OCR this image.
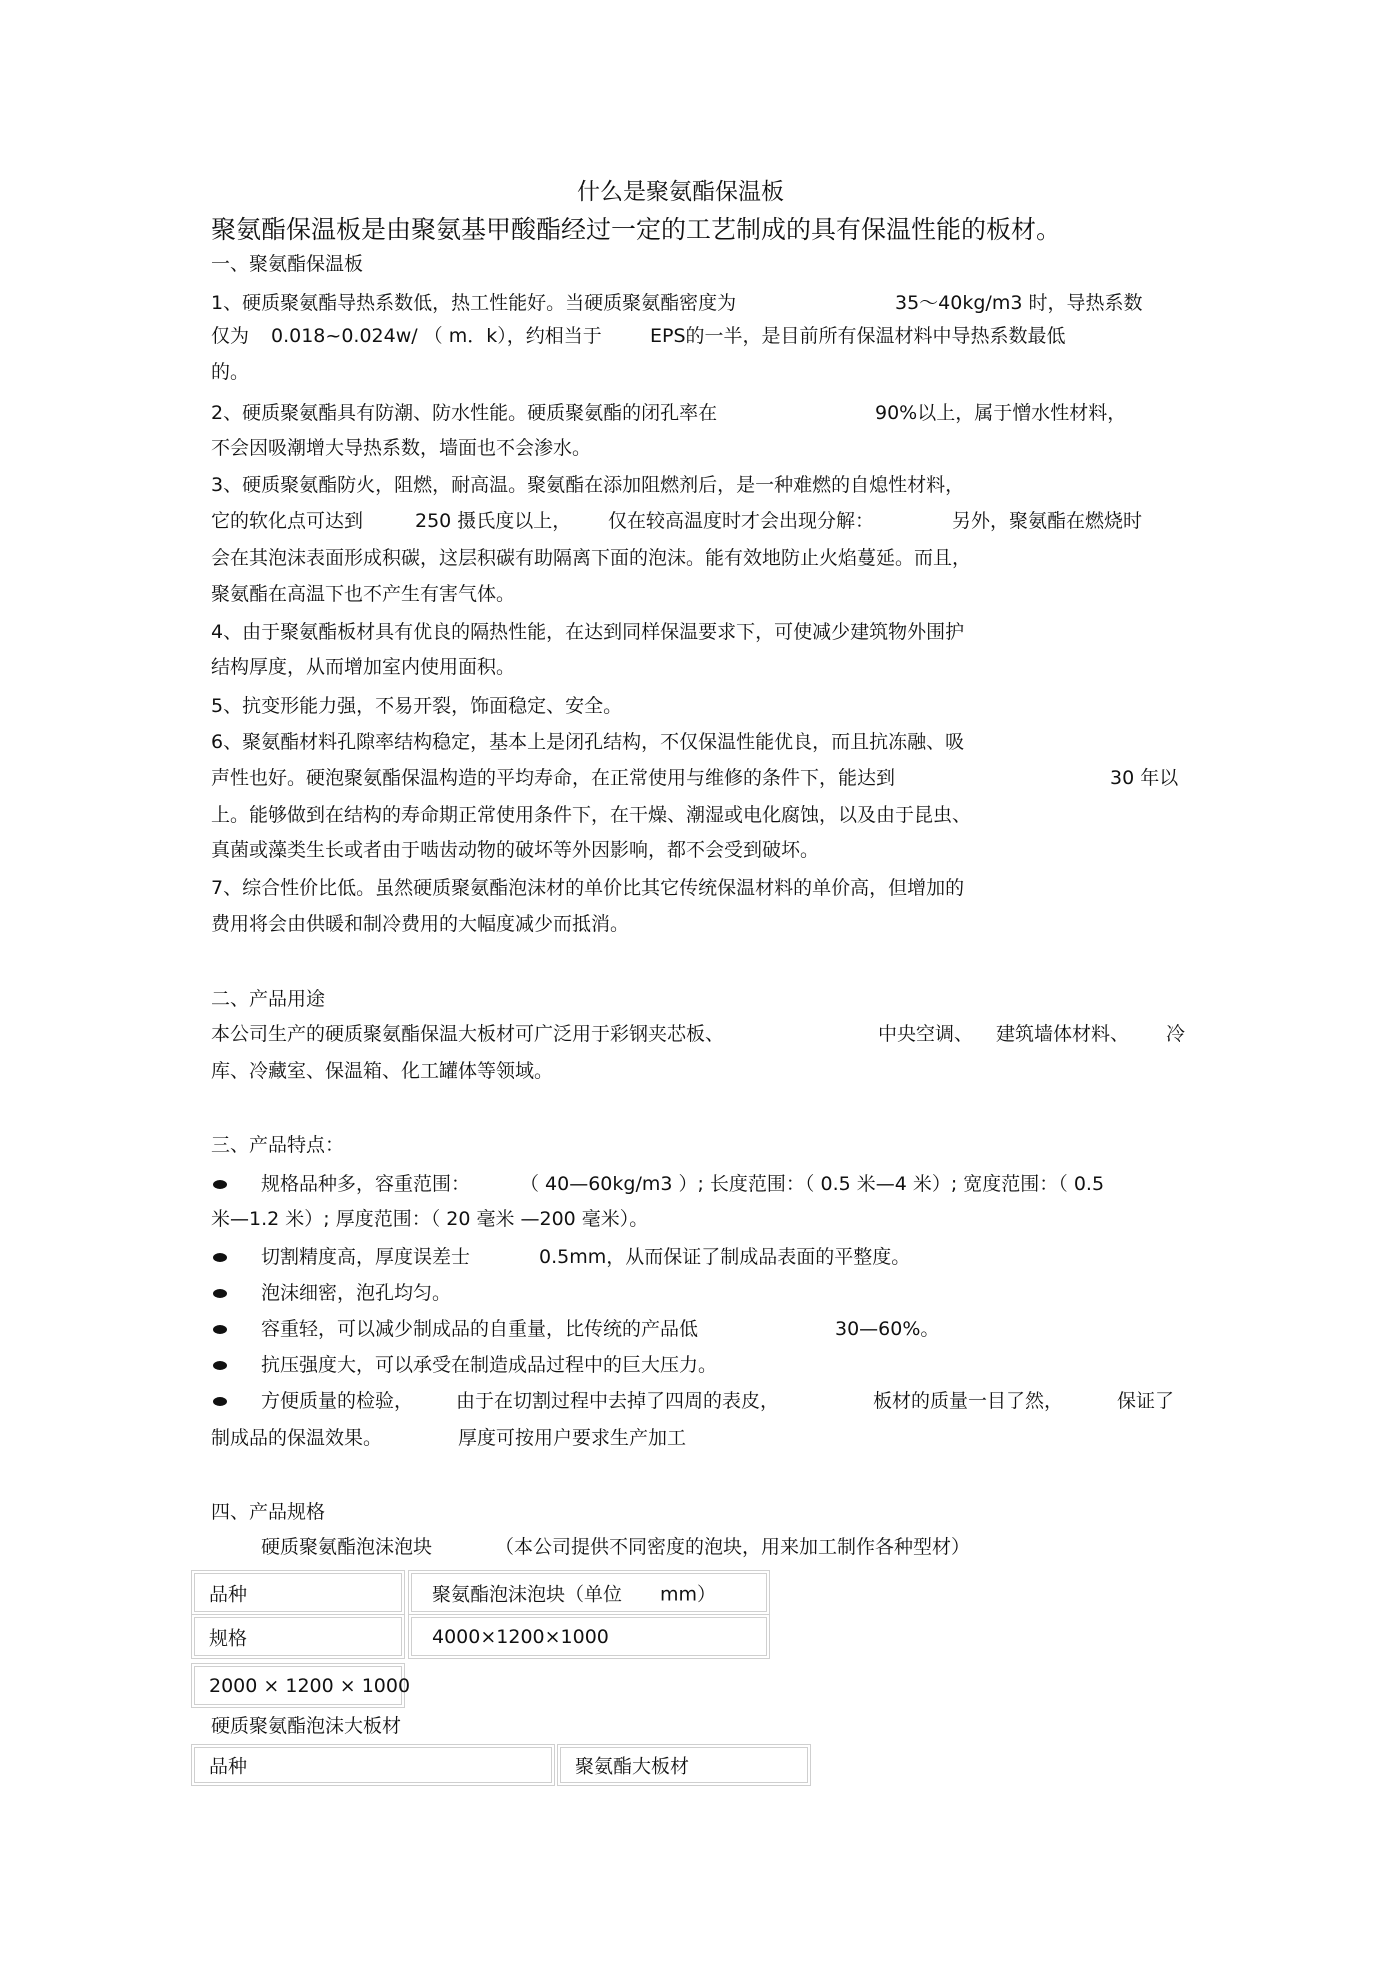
什么是聚氨酯保温板
聚氨酯保温板是由聚氨基甲酸酯经过一定的工艺制成的具有保温性能的板材。
一、聚氨酯保温板
1、硬质聚氨酯导热系数低，热工性能好。当硬质聚氨酯密度为	35～40kg/m3 时，导热系数
仅为 0.018~0.024w/ （ m．k），约相当于	EPS的一半，是目前所有保温材料中导热系数最低
的。
2、硬质聚氨酯具有防潮、防水性能。硬质聚氨酯的闭孔率在	90%以上，属于憎水性材料，
不会因吸潮增大导热系数，墙面也不会渗水。
3、硬质聚氨酯防火，阻燃，耐高温。聚氨酯在添加阻燃剂后，是一种难燃的自熄性材料，
它的软化点可达到	250 摄氏度以上， 仅在较高温度时才会出现分解：	另外，聚氨酯在燃烧时
会在其泡沫表面形成积碳，这层积碳有助隔离下面的泡沫。能有效地防止火焰蔓延。而且，
聚氨酯在高温下也不产生有害气体。
4、由于聚氨酯板材具有优良的隔热性能，在达到同样保温要求下，可使减少建筑物外围护
结构厚度，从而增加室内使用面积。
5、抗变形能力强，不易开裂，饰面稳定、安全。
6、聚氨酯材料孔隙率结构稳定，基本上是闭孔结构，不仅保温性能优良，而且抗冻融、吸
声性也好。硬泡聚氨酯保温构造的平均寿命，在正常使用与维修的条件下，能达到	30 年以
上。能够做到在结构的寿命期正常使用条件下，在干燥、潮湿或电化腐蚀，以及由于昆虫、
真菌或藻类生长或者由于啮齿动物的破坏等外因影响，都不会受到破坏。
7、综合性价比低。虽然硬质聚氨酯泡沫材的单价比其它传统保温材料的单价高，但增加的
费用将会由供暖和制冷费用的大幅度减少而抵消。
二、产品用途
本公司生产的硬质聚氨酯保温大板材可广泛用于彩钢夹芯板、	中央空调、 建筑墙体材料、 冷
库、冷藏室、保温箱、化工罐体等领域。
三、产品特点：
规格品种多，容重范围：	（ 40—60kg/m3 ）; 长度范围：（ 0.5 米—4 米）; 宽度范围：（ 0.5
米—1.2 米）; 厚度范围：（ 20 毫米 —200 毫米）。
切割精度高，厚度误差士	0.5mm，从而保证了制成品表面的平整度。
泡沫细密，泡孔均匀。
容重轻，可以减少制成品的自重量，比传统的产品低	30—60%。
抗压强度大，可以承受在制造成品过程中的巨大压力。
方便质量的检验， 由于在切割过程中去掉了四周的表皮，	板材的质量一目了然，	保证了
制成品的保温效果。	厚度可按用户要求生产加工
四、产品规格
硬质聚氨酯泡沫泡块	（本公司提供不同密度的泡块，用来加工制作各种型材）
品种	聚氨酯泡沫泡块（单位　　mm）
规格	4000×1200×1000
2000 × 1200 × 1000
硬质聚氨酯泡沫大板材
品种	聚氨酯大板材
